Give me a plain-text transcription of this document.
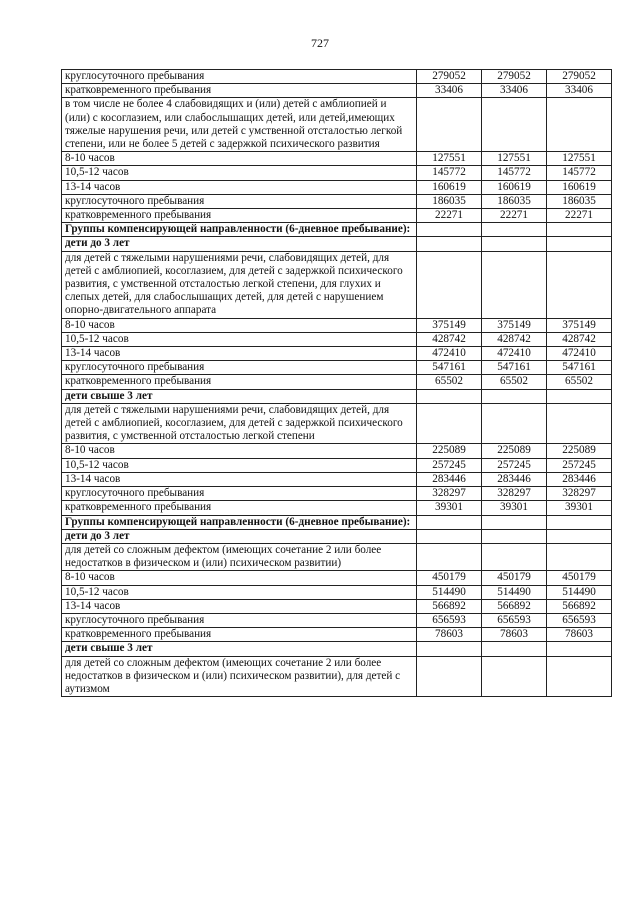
727
круглосуточного пребывания	279052	279052	279052
кратковременного пребывания	33406	33406	33406
в том числе не более 4 слабовидящих и (или) детей с амблиопией и (или) с косоглазием, или слабослышащих детей, или детей,имеющих тяжелые нарушения речи, или детей с умственной отсталостью легкой степени, или не более 5 детей с задержкой психического развития			
8-10 часов	127551	127551	127551
10,5-12 часов	145772	145772	145772
13-14 часов	160619	160619	160619
круглосуточного пребывания	186035	186035	186035
кратковременного пребывания	22271	22271	22271
Группы компенсирующей направленности (6-дневное пребывание):			
дети до 3 лет			
для детей с тяжелыми нарушениями речи, слабовидящих детей, для детей с амблиопией, косоглазием, для детей с задержкой психического развития, с умственной отсталостью легкой степени, для глухих и слепых детей, для слабослышащих детей, для детей с нарушением опорно-двигательного аппарата			
8-10 часов	375149	375149	375149
10,5-12 часов	428742	428742	428742
13-14 часов	472410	472410	472410
круглосуточного пребывания	547161	547161	547161
кратковременного пребывания	65502	65502	65502
дети свыше 3 лет			
для детей с тяжелыми нарушениями речи, слабовидящих детей, для детей с амблиопией, косоглазием, для детей с задержкой психического развития, с умственной отсталостью легкой степени			
8-10 часов	225089	225089	225089
10,5-12 часов	257245	257245	257245
13-14 часов	283446	283446	283446
круглосуточного пребывания	328297	328297	328297
кратковременного пребывания	39301	39301	39301
Группы компенсирующей направленности (6-дневное пребывание):			
дети до 3 лет			
для детей со сложным дефектом (имеющих сочетание 2 или более недостатков в физическом и (или) психическом развитии)			
8-10 часов	450179	450179	450179
10,5-12 часов	514490	514490	514490
13-14 часов	566892	566892	566892
круглосуточного пребывания	656593	656593	656593
кратковременного пребывания	78603	78603	78603
дети свыше 3 лет			
для детей со сложным дефектом (имеющих сочетание 2 или более недостатков в физическом и (или) психическом развитии), для детей с аутизмом			
